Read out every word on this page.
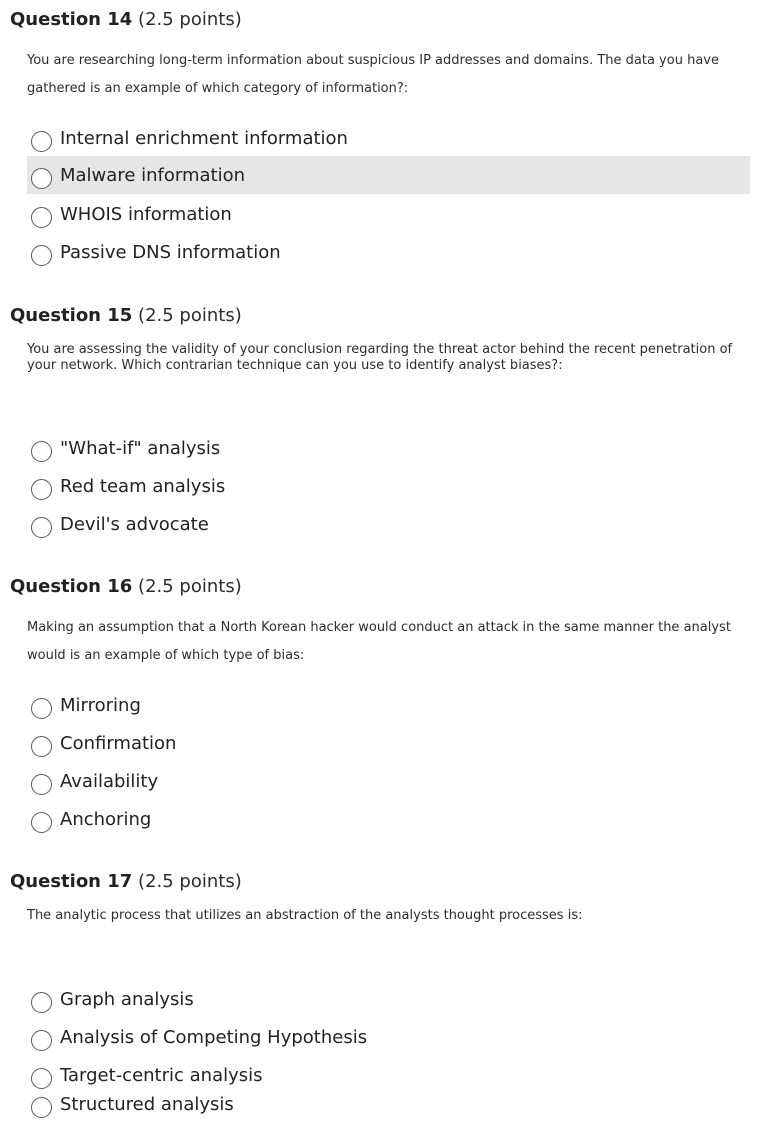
Question 14 (2.5 points)
You are researching long-term information about suspicious IP addresses and domains. The data you have gathered is an example of which category of information?:
Internal enrichment information
Malware information
WHOIS information
Passive DNS information
Question 15 (2.5 points)
You are assessing the validity of your conclusion regarding the threat actor behind the recent penetration of your network. Which contrarian technique can you use to identify analyst biases?:
"What-if" analysis
Red team analysis
Devil's advocate
Question 16 (2.5 points)
Making an assumption that a North Korean hacker would conduct an attack in the same manner the analyst would is an example of which type of bias:
Mirroring
Confirmation
Availability
Anchoring
Question 17 (2.5 points)
The analytic process that utilizes an abstraction of the analysts thought processes is:
Graph analysis
Analysis of Competing Hypothesis
Target-centric analysis
Structured analysis
